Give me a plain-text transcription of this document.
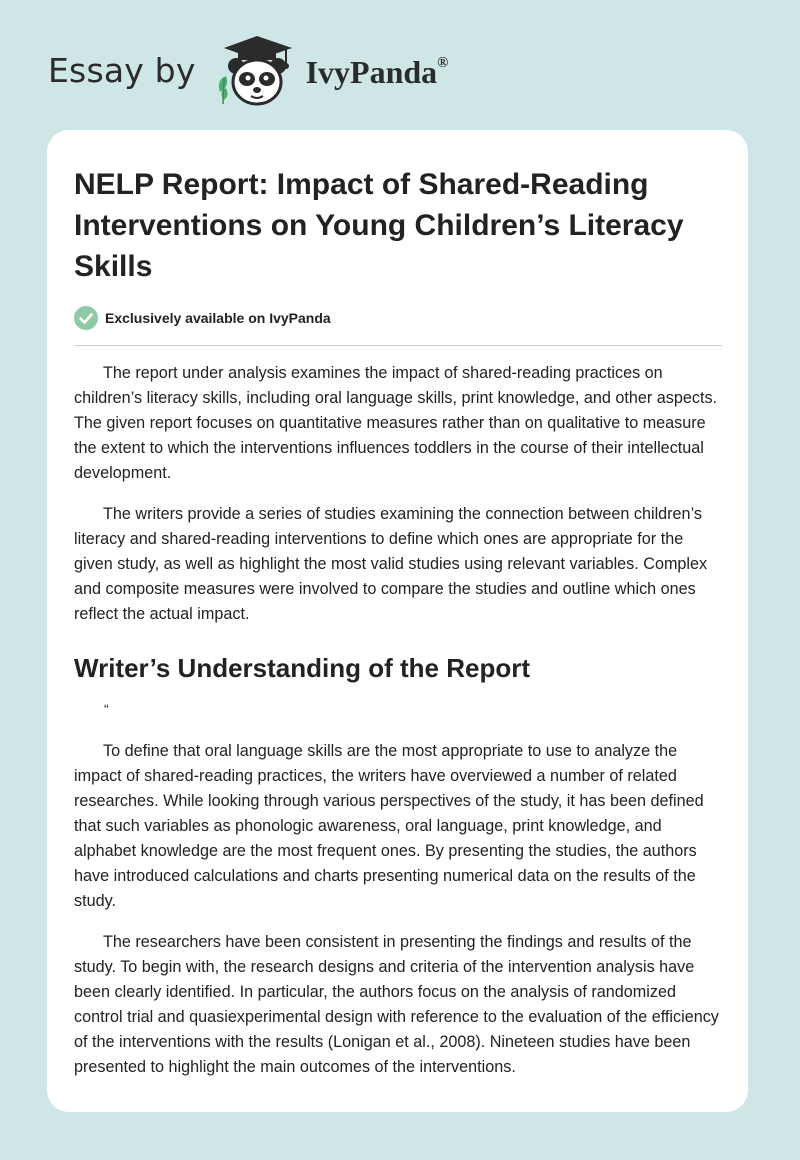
Essay by	IvyPanda®
NELP Report: Impact of Shared-Reading Interventions on Young Children’s Literacy Skills
Exclusively available on IvyPanda

The report under analysis examines the impact of shared-reading practices on children’s literacy skills, including oral language skills, print knowledge, and other aspects. The given report focuses on quantitative measures rather than on qualitative to measure the extent to which the interventions influences toddlers in the course of their intellectual development.

The writers provide a series of studies examining the connection between children’s literacy and shared-reading interventions to define which ones are appropriate for the given study, as well as highlight the most valid studies using relevant variables. Complex and composite measures were involved to compare the studies and outline which ones reflect the actual impact.

Writer’s Understanding of the Report
“

To define that oral language skills are the most appropriate to use to analyze the impact of shared-reading practices, the writers have overviewed a number of related researches. While looking through various perspectives of the study, it has been defined that such variables as phonologic awareness, oral language, print knowledge, and alphabet knowledge are the most frequent ones. By presenting the studies, the authors have introduced calculations and charts presenting numerical data on the results of the study.

The researchers have been consistent in presenting the findings and results of the study. To begin with, the research designs and criteria of the intervention analysis have been clearly identified. In particular, the authors focus on the analysis of randomized control trial and quasiexperimental design with reference to the evaluation of the efficiency of the interventions with the results (Lonigan et al., 2008). Nineteen studies have been presented to highlight the main outcomes of the interventions.
